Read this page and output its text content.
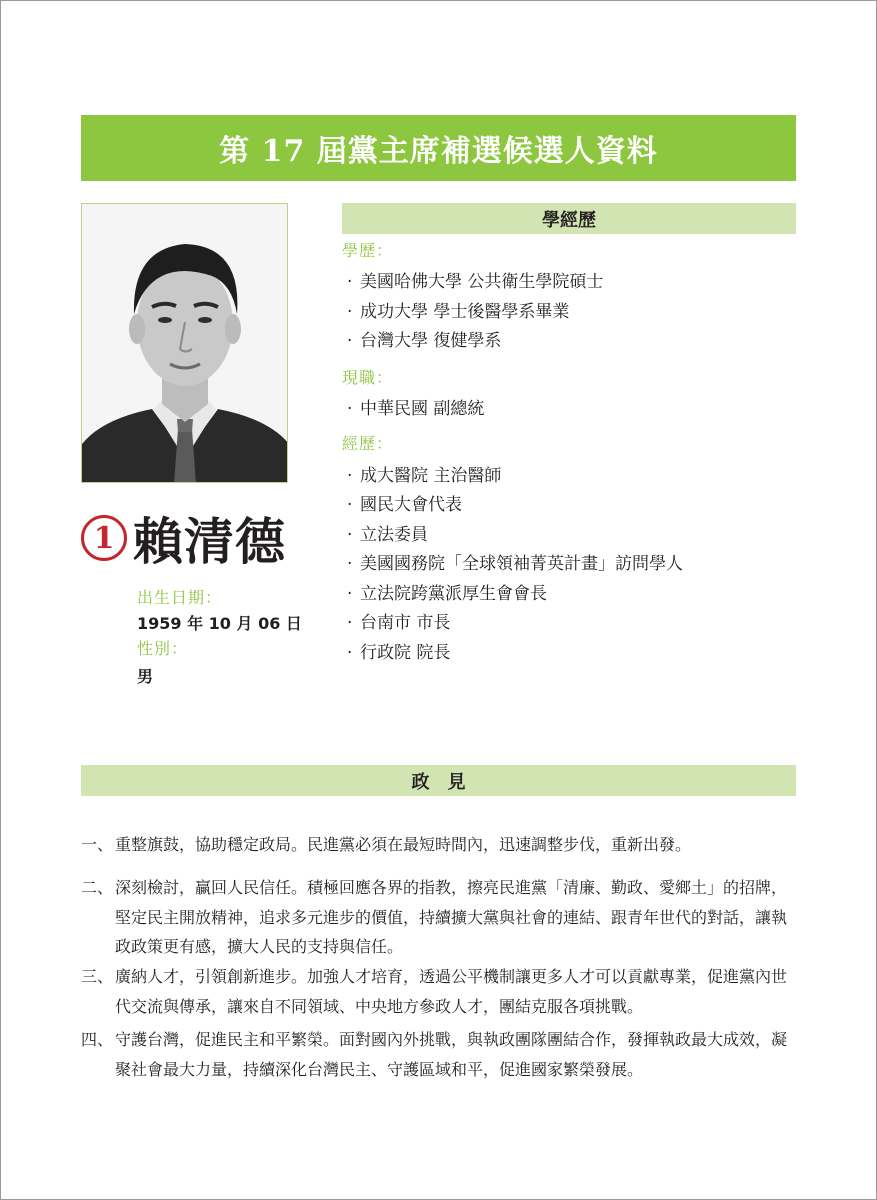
第 17 屆黨主席補選候選人資料
1 賴清德
出生日期：
1959 年 10 月 06 日
性別：
男
學經歷
學歷：
· 美國哈佛大學 公共衛生學院碩士
· 成功大學 學士後醫學系畢業
· 台灣大學 復健學系
現職：
· 中華民國 副總統
經歷：
· 成大醫院 主治醫師
· 國民大會代表
· 立法委員
· 美國國務院「全球領袖菁英計畫」訪問學人
· 立法院跨黨派厚生會會長
· 台南市 市長
· 行政院 院長
政　見
一、 重整旗鼓，協助穩定政局。民進黨必須在最短時間內，迅速調整步伐，重新出發。
二、 深刻檢討，贏回人民信任。積極回應各界的指教，擦亮民進黨「清廉、勤政、愛鄉土」的招牌，堅定民主開放精神，追求多元進步的價值，持續擴大黨與社會的連結、跟青年世代的對話，讓執政政策更有感，擴大人民的支持與信任。
三、 廣納人才，引領創新進步。加強人才培育，透過公平機制讓更多人才可以貢獻專業，促進黨內世代交流與傳承，讓來自不同領域、中央地方參政人才，團結克服各項挑戰。
四、 守護台灣，促進民主和平繁榮。面對國內外挑戰，與執政團隊團結合作，發揮執政最大成效，凝聚社會最大力量，持續深化台灣民主、守護區域和平，促進國家繁榮發展。
